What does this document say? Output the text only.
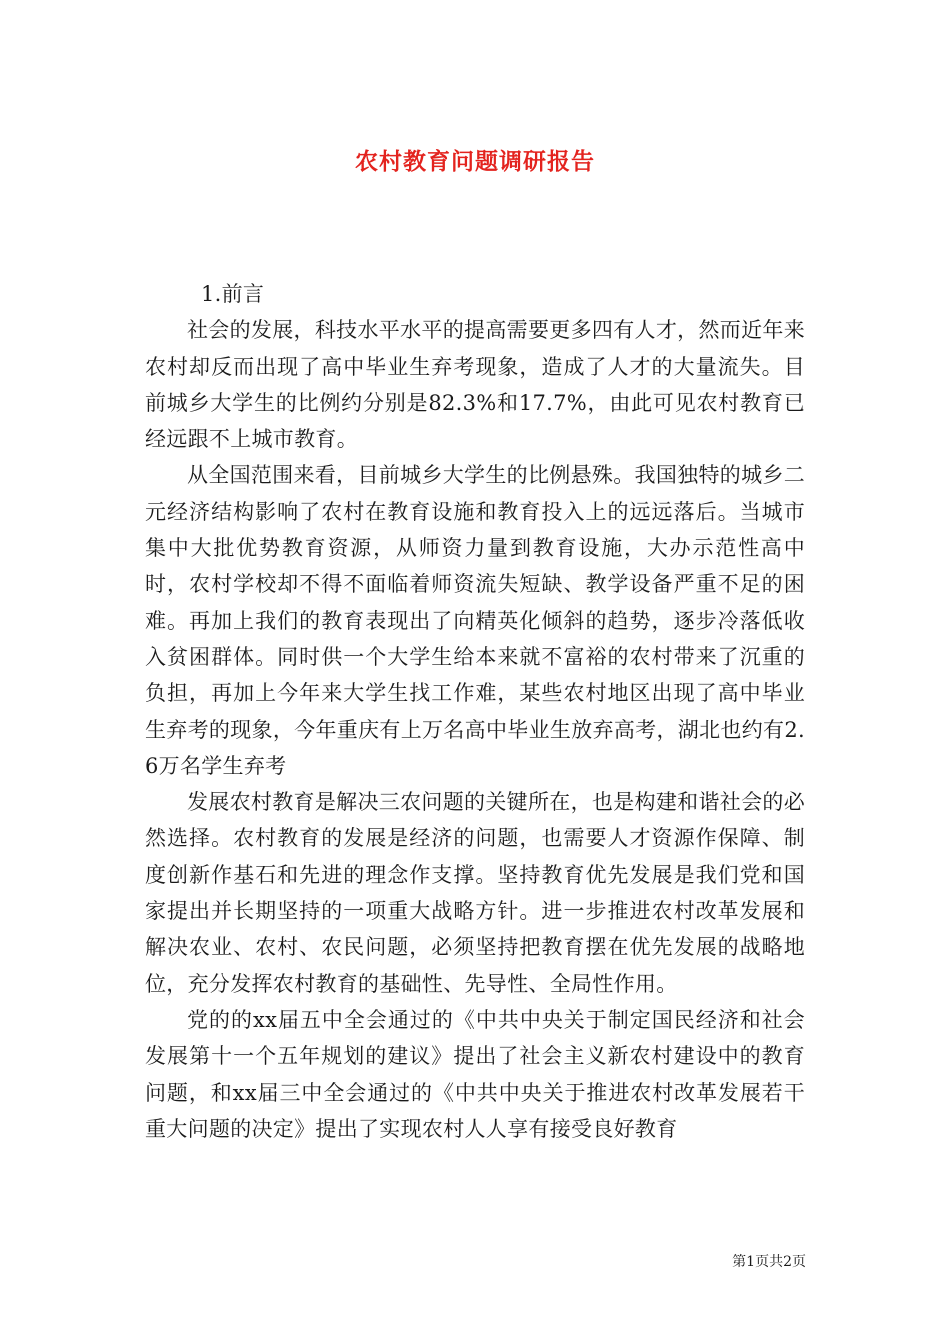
农村教育问题调研报告

1.前言

社会的发展，科技水平水平的提高需要更多四有人才，然而近年来农村却反而出现了高中毕业生弃考现象，造成了人才的大量流失。目前城乡大学生的比例约分别是82.3%和17.7%，由此可见农村教育已经远跟不上城市教育。

从全国范围来看，目前城乡大学生的比例悬殊。我国独特的城乡二元经济结构影响了农村在教育设施和教育投入上的远远落后。当城市集中大批优势教育资源，从师资力量到教育设施，大办示范性高中时，农村学校却不得不面临着师资流失短缺、教学设备严重不足的困难。再加上我们的教育表现出了向精英化倾斜的趋势，逐步冷落低收入贫困群体。同时供一个大学生给本来就不富裕的农村带来了沉重的负担，再加上今年来大学生找工作难，某些农村地区出现了高中毕业生弃考的现象，今年重庆有上万名高中毕业生放弃高考，湖北也约有2.6万名学生弃考

发展农村教育是解决三农问题的关键所在，也是构建和谐社会的必然选择。农村教育的发展是经济的问题，也需要人才资源作保障、制度创新作基石和先进的理念作支撑。坚持教育优先发展是我们党和国家提出并长期坚持的一项重大战略方针。进一步推进农村改革发展和解决农业、农村、农民问题，必须坚持把教育摆在优先发展的战略地位，充分发挥农村教育的基础性、先导性、全局性作用。

党的的xx届五中全会通过的《中共中央关于制定国民经济和社会发展第十一个五年规划的建议》提出了社会主义新农村建设中的教育问题，和xx届三中全会通过的《中共中央关于推进农村改革发展若干重大问题的决定》提出了实现农村人人享有接受良好教育

第1页共2页
